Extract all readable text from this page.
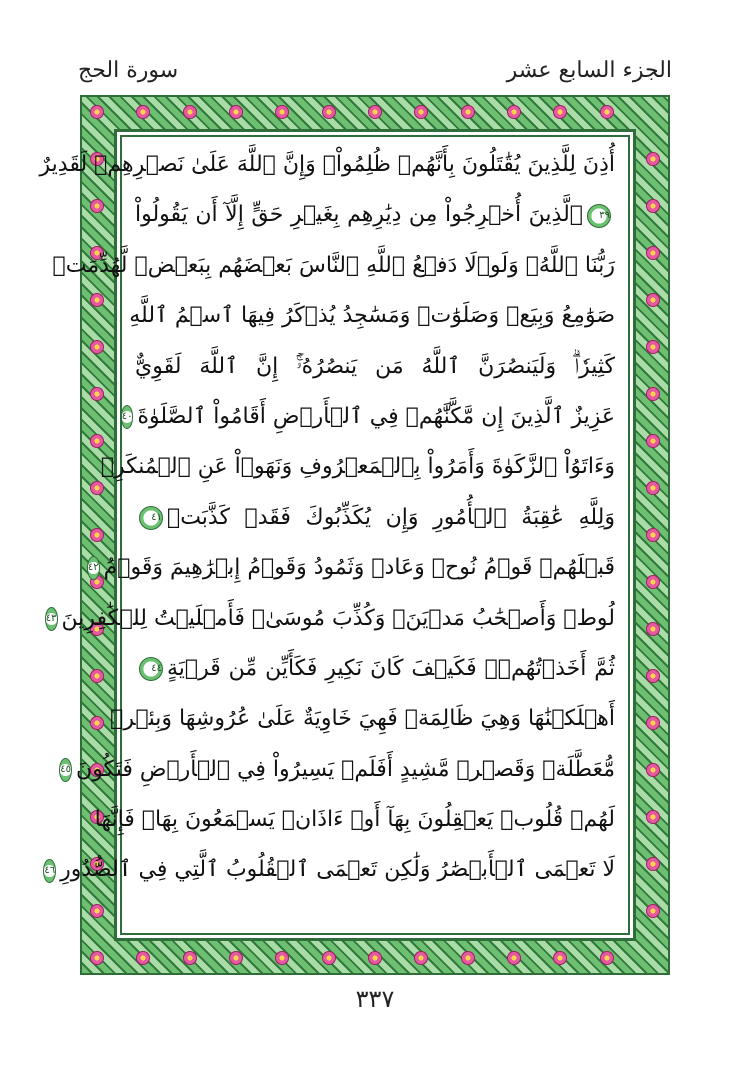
الجزء السابع عشر
سورة الحج
أُذِنَ لِلَّذِينَ يُقَٰتَلُونَ بِأَنَّهُمۡ ظُلِمُواْۚ وَإِنَّ ٱللَّهَ عَلَىٰ نَصۡرِهِمۡ لَقَدِيرٌ
٣٩
ٱلَّذِينَ أُخۡرِجُواْ مِن دِيَٰرِهِم بِغَيۡرِ حَقٍّ إِلَّآ أَن يَقُولُواْ
رَبُّنَا ٱللَّهُۗ وَلَوۡلَا دَفۡعُ ٱللَّهِ ٱلنَّاسَ بَعۡضَهُم بِبَعۡضٖ لَّهُدِّمَتۡ
صَوَٰمِعُ وَبِيَعٞ وَصَلَوَٰتٞ وَمَسَٰجِدُ يُذۡكَرُ فِيهَا ٱسۡمُ ٱللَّهِ
كَثِيرٗاۗ وَلَيَنصُرَنَّ ٱللَّهُ مَن يَنصُرُهُۥٓۚ إِنَّ ٱللَّهَ لَقَوِيٌّ
عَزِيزٌ ٱلَّذِينَ إِن مَّكَّنَّٰهُمۡ فِي ٱلۡأَرۡضِ أَقَامُواْ ٱلصَّلَوٰةَ
٤٠
وَءَاتَوُاْ ٱلزَّكَوٰةَ وَأَمَرُواْ بِٱلۡمَعۡرُوفِ وَنَهَوۡاْ عَنِ ٱلۡمُنكَرِۗ
وَلِلَّهِ عَٰقِبَةُ ٱلۡأُمُورِ وَإِن يُكَذِّبُوكَ فَقَدۡ كَذَّبَتۡ
٤١
قَبۡلَهُمۡ قَوۡمُ نُوحٖ وَعَادٞ وَثَمُودُ وَقَوۡمُ إِبۡرَٰهِيمَ وَقَوۡمُ
٤٢
لُوطٖ وَأَصۡحَٰبُ مَدۡيَنَۖ وَكُذِّبَ مُوسَىٰۖ فَأَمۡلَيۡتُ لِلۡكَٰفِرِينَ
٤٣
ثُمَّ أَخَذۡتُهُمۡۖ فَكَيۡفَ كَانَ نَكِيرِ فَكَأَيِّن مِّن قَرۡيَةٍ
٤٤
أَهۡلَكۡنَٰهَا وَهِيَ ظَالِمَةٞ فَهِيَ خَاوِيَةٌ عَلَىٰ عُرُوشِهَا وَبِئۡرٖ
مُّعَطَّلَةٖ وَقَصۡرٖ مَّشِيدٍ أَفَلَمۡ يَسِيرُواْ فِي ٱلۡأَرۡضِ فَتَكُونَ
٤٥
لَهُمۡ قُلُوبٞ يَعۡقِلُونَ بِهَآ أَوۡ ءَاذَانٞ يَسۡمَعُونَ بِهَاۖ فَإِنَّهَا
لَا تَعۡمَى ٱلۡأَبۡصَٰرُ وَلَٰكِن تَعۡمَى ٱلۡقُلُوبُ ٱلَّتِي فِي ٱلصُّدُورِ
٤٦
٣٣٧
